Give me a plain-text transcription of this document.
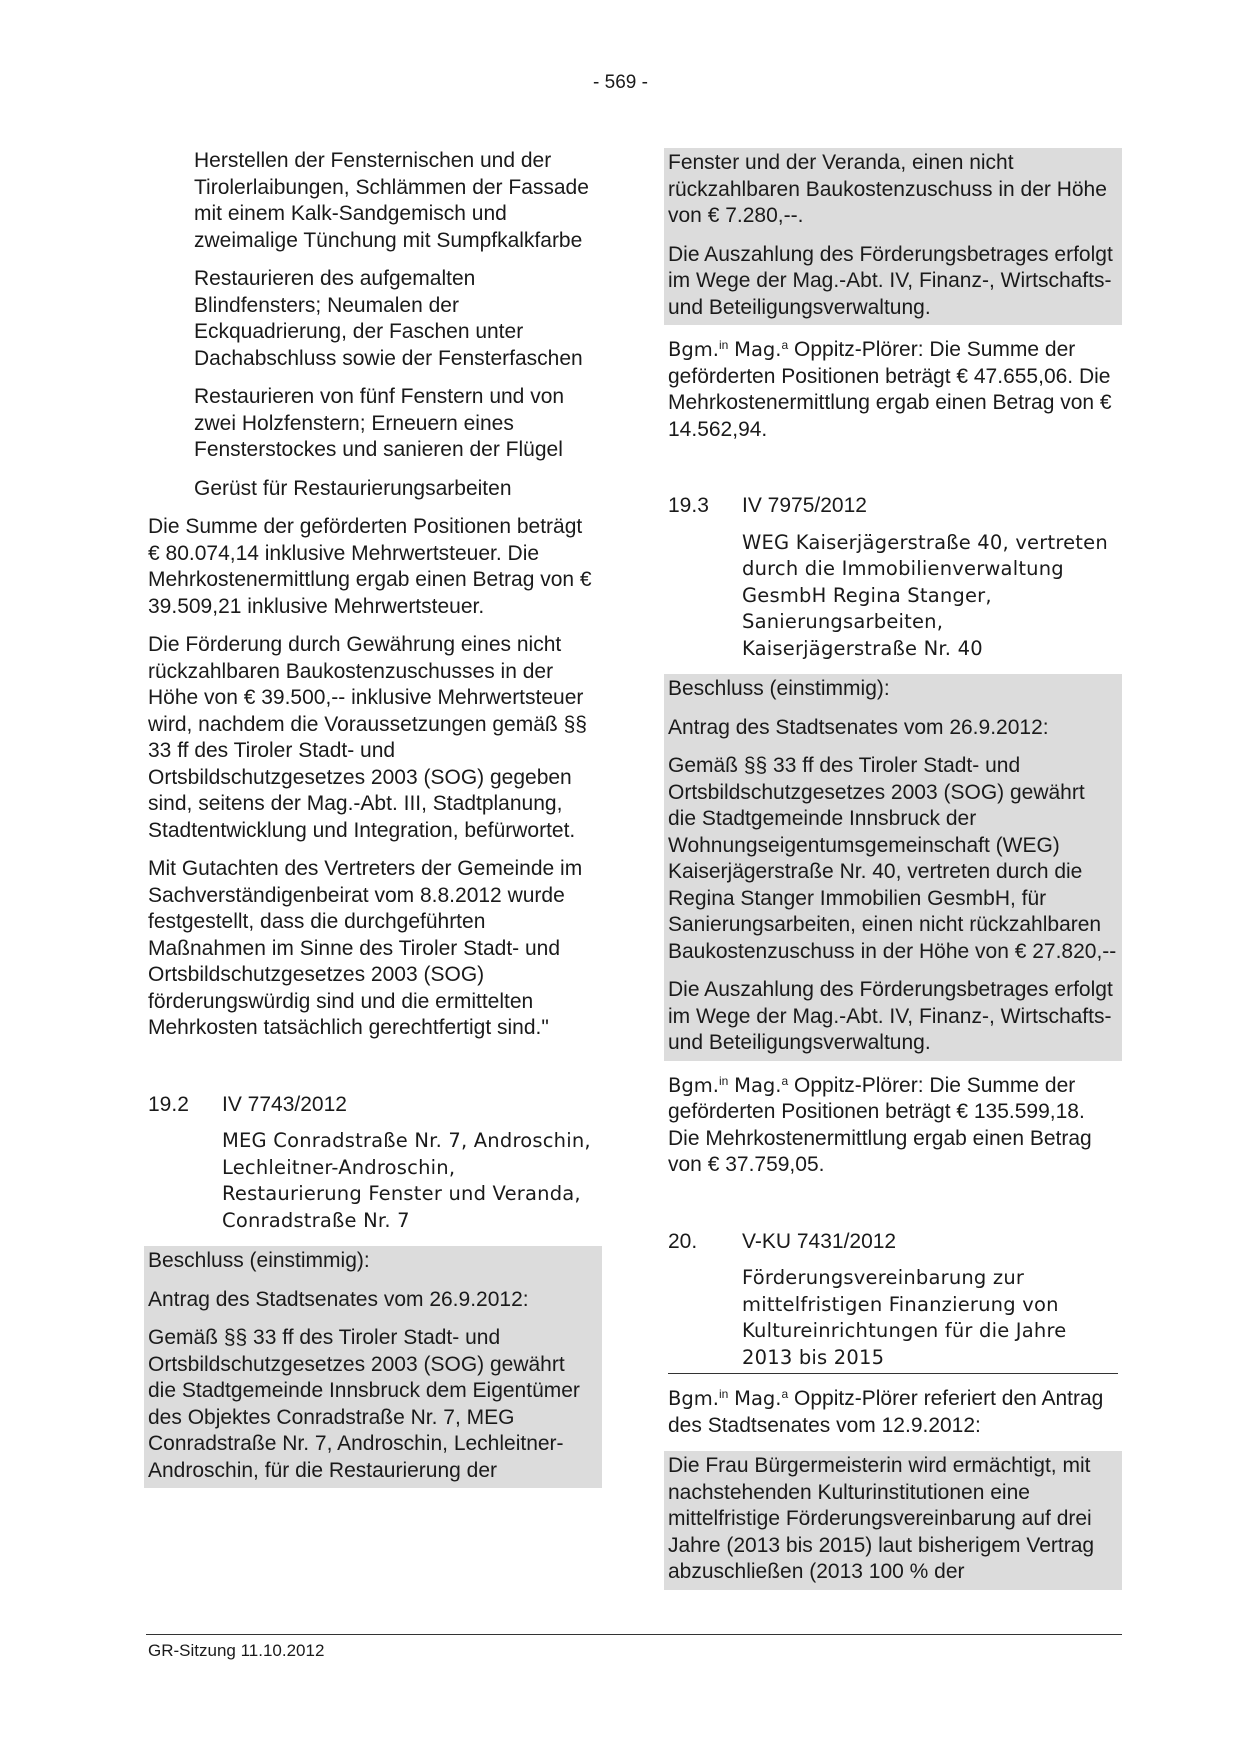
- 569 -

Herstellen der Fensternischen und der Tirolerlaibungen, Schlämmen der Fassade mit einem Kalk-Sandgemisch und zweimalige Tünchung mit Sumpfkalkfarbe

Restaurieren des aufgemalten Blindfensters; Neumalen der Eckquadrierung, der Faschen unter Dachabschluss sowie der Fensterfaschen

Restaurieren von fünf Fenstern und von zwei Holzfenstern; Erneuern eines Fensterstockes und sanieren der Flügel

Gerüst für Restaurierungsarbeiten

Die Summe der geförderten Positionen beträgt € 80.074,14 inklusive Mehrwertsteuer. Die Mehrkostenermittlung ergab einen Betrag von € 39.509,21 inklusive Mehrwertsteuer.

Die Förderung durch Gewährung eines nicht rückzahlbaren Baukostenzuschusses in der Höhe von € 39.500,-- inklusive Mehrwertsteuer wird, nachdem die Voraussetzungen gemäß §§ 33 ff des Tiroler Stadt- und Ortsbildschutzgesetzes 2003 (SOG) gegeben sind, seitens der Mag.-Abt. III, Stadtplanung, Stadtentwicklung und Integration, befürwortet.

Mit Gutachten des Vertreters der Gemeinde im Sachverständigenbeirat vom 8.8.2012 wurde festgestellt, dass die durchgeführten Maßnahmen im Sinne des Tiroler Stadt- und Ortsbildschutzgesetzes 2003 (SOG) förderungswürdig sind und die ermittelten Mehrkosten tatsächlich gerechtfertigt sind."

19.2	IV 7743/2012

MEG Conradstraße Nr. 7, Androschin, Lechleitner-Androschin, Restaurierung Fenster und Veranda, Conradstraße Nr. 7

Beschluss (einstimmig):

Antrag des Stadtsenates vom 26.9.2012:

Gemäß §§ 33 ff des Tiroler Stadt- und Ortsbildschutzgesetzes 2003 (SOG) gewährt die Stadtgemeinde Innsbruck dem Eigentümer des Objektes Conradstraße Nr. 7, MEG Conradstraße Nr. 7, Androschin, Lechleitner-Androschin, für die Restaurierung der

Fenster und der Veranda, einen nicht rückzahlbaren Baukostenzuschuss in der Höhe von € 7.280,--.

Die Auszahlung des Förderungsbetrages erfolgt im Wege der Mag.-Abt. IV, Finanz-, Wirtschafts- und Beteiligungsverwaltung.

Bgm.$^{in}$ Mag.$^a$ Oppitz-Plörer: Die Summe der geförderten Positionen beträgt € 47.655,06. Die Mehrkostenermittlung ergab einen Betrag von € 14.562,94.

19.3	IV 7975/2012

WEG Kaiserjägerstraße 40, vertreten durch die Immobilienverwaltung GesmbH Regina Stanger, Sanierungsarbeiten, Kaiserjägerstraße Nr. 40

Beschluss (einstimmig):

Antrag des Stadtsenates vom 26.9.2012:

Gemäß §§ 33 ff des Tiroler Stadt- und Ortsbildschutzgesetzes 2003 (SOG) gewährt die Stadtgemeinde Innsbruck der Wohnungseigentumsgemeinschaft (WEG) Kaiserjägerstraße Nr. 40, vertreten durch die Regina Stanger Immobilien GesmbH, für Sanierungsarbeiten, einen nicht rückzahlbaren Baukostenzuschuss in der Höhe von € 27.820,--

Die Auszahlung des Förderungsbetrages erfolgt im Wege der Mag.-Abt. IV, Finanz-, Wirtschafts- und Beteiligungsverwaltung.

Bgm.$^{in}$ Mag.$^a$ Oppitz-Plörer: Die Summe der geförderten Positionen beträgt € 135.599,18. Die Mehrkostenermittlung ergab einen Betrag von € 37.759,05.

20.	V-KU 7431/2012

Förderungsvereinbarung zur mittelfristigen Finanzierung von Kultureinrichtungen für die Jahre 2013 bis 2015

Bgm.$^{in}$ Mag.$^a$ Oppitz-Plörer referiert den Antrag des Stadtsenates vom 12.9.2012:

Die Frau Bürgermeisterin wird ermächtigt, mit nachstehenden Kulturinstitutionen eine mittelfristige Förderungsvereinbarung auf drei Jahre (2013 bis 2015) laut bisherigem Vertrag abzuschließen (2013 100 % der

GR-Sitzung 11.10.2012
